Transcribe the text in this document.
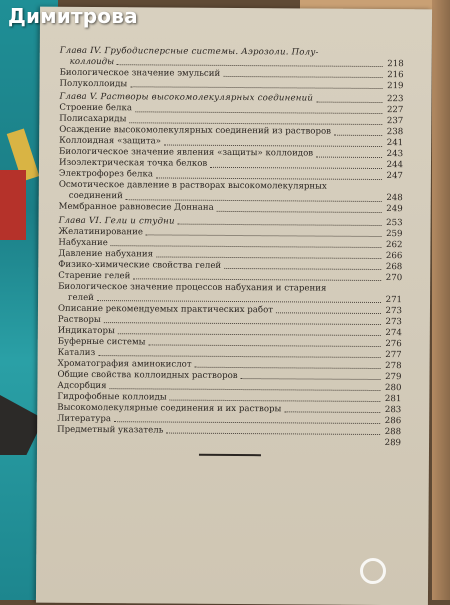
Димитрова
Глава IV. Грубодисперсные системы. Аэрозоли. Полу-
коллоиды	218
Биологическое значение эмульсий	216
Полуколлоиды	219
Глава V. Растворы высокомолекулярных соединений	223
Строение белка	227
Полисахариды	237
Осаждение высокомолекулярных соединений из растворов	238
Коллоидная «защита»	241
Биологическое значение явления «защиты» коллоидов	243
Изоэлектрическая точка белков	244
Электрофорез белка	247
Осмотическое давление в растворах высокомолекулярных
соединений	248
Мембранное равновесие Доннана	249
Глава VI. Гели и студни	253
Желатинирование	259
Набухание	262
Давление набухания	266
Физико-химические свойства гелей	268
Старение гелей	270
Биологическое значение процессов набухания и старения
гелей	271
Описание рекомендуемых практических работ	273
Растворы	273
Индикаторы	274
Буферные системы	276
Катализ	277
Хроматография аминокислот	278
Общие свойства коллоидных растворов	279
Адсорбция	280
Гидрофобные коллоиды	281
Высокомолекулярные соединения и их растворы	283
Литература	286
Предметный указатель	288
289
